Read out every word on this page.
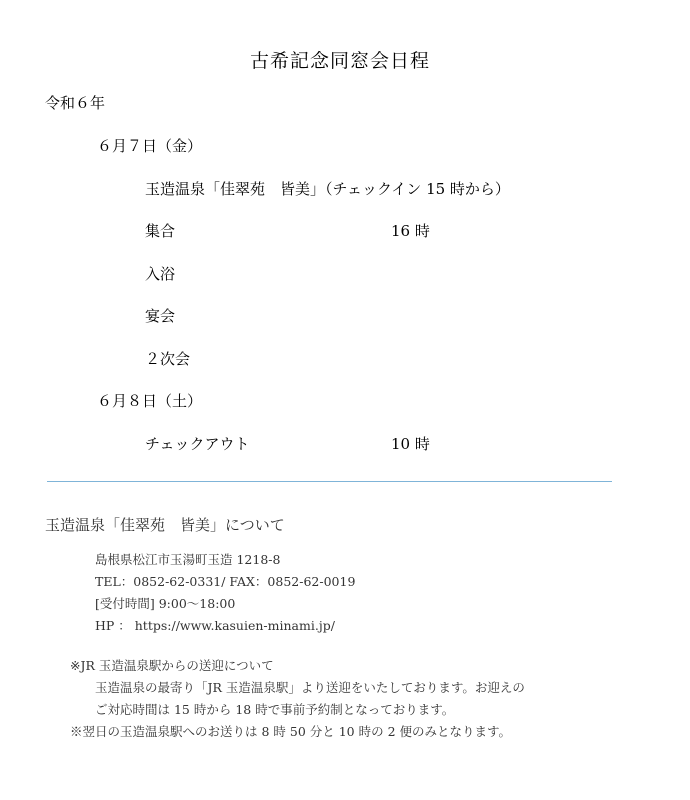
古希記念同窓会日程
令和６年
６月７日（金）
玉造温泉「佳翠苑　皆美」（チェックイン 15 時から）
集合	16 時
入浴
宴会
２次会
６月８日（土）
チェックアウト	10 時
玉造温泉「佳翠苑　皆美」について
島根県松江市玉湯町玉造 1218-8
TEL：0852-62-0331/ FAX：0852-62-0019
[受付時間] 9:00～18:00
HP ： https://www.kasuien-minami.jp/
※JR 玉造温泉駅からの送迎について
玉造温泉の最寄り「JR 玉造温泉駅」より送迎をいたしております。お迎えの
ご対応時間は 15 時から 18 時で事前予約制となっております。
※翌日の玉造温泉駅へのお送りは 8 時 50 分と 10 時の 2 便のみとなります。
